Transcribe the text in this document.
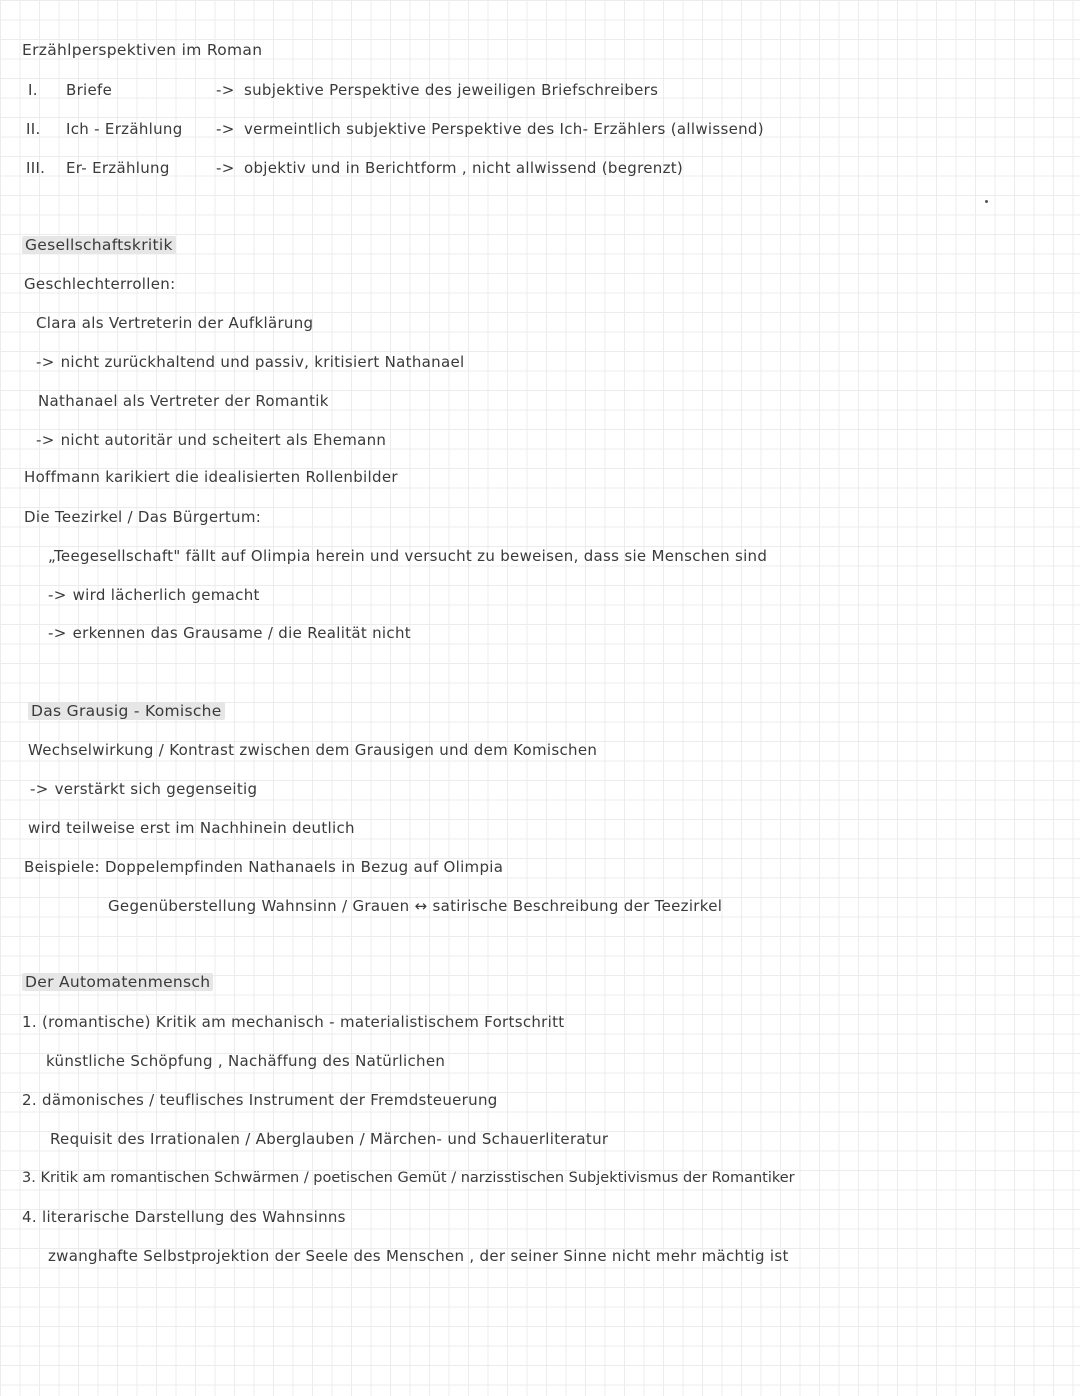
Erzählperspektiven im Roman
I. Briefe	-> subjektive Perspektive des jeweiligen Briefschreibers
II. Ich - Erzählung -> vermeintlich subjektive Perspektive des Ich- Erzählers (allwissend)
III. Er- Erzählung	-> objektiv und in Berichtform , nicht allwissend (begrenzt)
Gesellschaftskritik
Geschlechterrollen:
Clara als Vertreterin der Aufklärung
-> nicht zurückhaltend und passiv, kritisiert Nathanael
Nathanael als Vertreter der Romantik
-> nicht autoritär und scheitert als Ehemann
Hoffmann karikiert die idealisierten Rollenbilder
Die Teezirkel / Das Bürgertum:
„Teegesellschaft" fällt auf Olimpia herein und versucht zu beweisen, dass sie Menschen sind
-> wird lächerlich gemacht
-> erkennen das Grausame / die Realität nicht
Das Grausig - Komische
Wechselwirkung / Kontrast zwischen dem Grausigen und dem Komischen
-> verstärkt sich gegenseitig
wird teilweise erst im Nachhinein deutlich
Beispiele: Doppelempfinden Nathanaels in Bezug auf Olimpia
Gegenüberstellung Wahnsinn / Grauen ↔ satirische Beschreibung der Teezirkel
Der Automatenmensch
1. (romantische) Kritik am mechanisch - materialistischem Fortschritt
künstliche Schöpfung , Nachäffung des Natürlichen
2. dämonisches / teuflisches Instrument der Fremdsteuerung
Requisit des Irrationalen / Aberglauben / Märchen- und Schauerliteratur
3. Kritik am romantischen Schwärmen / poetischen Gemüt / narzisstischen Subjektivismus der Romantiker
4. literarische Darstellung des Wahnsinns
zwanghafte Selbstprojektion der Seele des Menschen , der seiner Sinne nicht mehr mächtig ist
